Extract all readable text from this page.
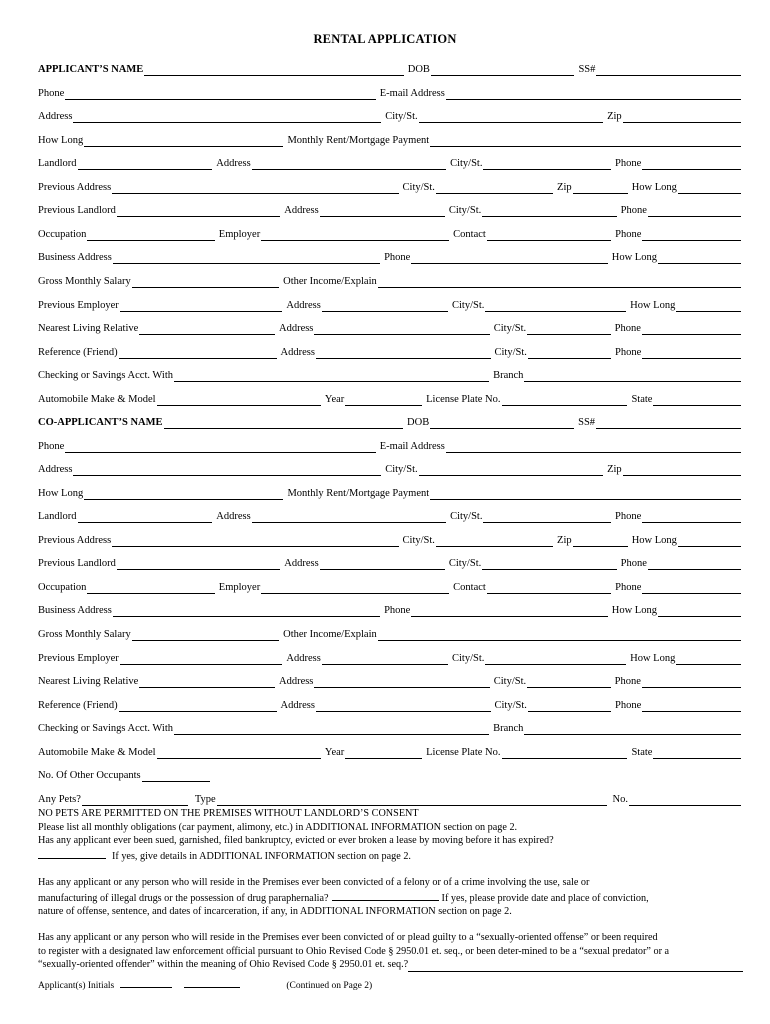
RENTAL APPLICATION
APPLICANT’S NAME	DOB	SS#
Phone	E-mail Address
Address	City/St.	Zip
How Long	Monthly Rent/Mortgage Payment
Landlord	Address	City/St.	Phone
Previous Address	City/St.	Zip	How Long
Previous Landlord	Address	City/St.	Phone
Occupation	Employer	Contact	Phone
Business Address	Phone	How Long
Gross Monthly Salary	Other Income/Explain
Previous Employer	Address	City/St.	How Long
Nearest Living Relative	Address	City/St.	Phone
Reference (Friend)	Address	City/St.	Phone
Checking or Savings Acct. With	Branch
Automobile Make & Model	Year	License Plate No.	State
CO-APPLICANT’S NAME	DOB	SS#
Phone	E-mail Address
Address	City/St.	Zip
How Long	Monthly Rent/Mortgage Payment
Landlord	Address	City/St.	Phone
Previous Address	City/St.	Zip	How Long
Previous Landlord	Address	City/St.	Phone
Occupation	Employer	Contact	Phone
Business Address	Phone	How Long
Gross Monthly Salary	Other Income/Explain
Previous Employer	Address	City/St.	How Long
Nearest Living Relative	Address	City/St.	Phone
Reference (Friend)	Address	City/St.	Phone
Checking or Savings Acct. With	Branch
Automobile Make & Model	Year	License Plate No.	State
No. Of Other Occupants
Any Pets?	Type	No.
NO PETS ARE PERMITTED ON THE PREMISES WITHOUT LANDLORD’S CONSENT
Please list all monthly obligations (car payment, alimony, etc.) in ADDITIONAL INFORMATION section on page 2.
Has any applicant ever been sued, garnished, filed bankruptcy, evicted or ever broken a lease by moving before it has expired?
If yes, give details in ADDITIONAL INFORMATION section on page 2.
Has any applicant or any person who will reside in the Premises ever been convicted of a felony or of a crime involving the use, sale or
manufacturing of illegal drugs or the possession of drug paraphernalia?	If yes, please provide date and place of conviction,
nature of offense, sentence, and dates of incarceration, if any, in ADDITIONAL INFORMATION section on page 2.
Has any applicant or any person who will reside in the Premises ever been convicted of or plead guilty to a “sexually-oriented offense” or been required
to register with a designated law enforcement official pursuant to Ohio Revised Code § 2950.01 et. seq., or been deter-mined to be a “sexual predator” or a
“sexually-oriented offender” within the meaning of Ohio Revised Code § 2950.01 et. seq.?
Applicant(s) Initials	(Continued on Page 2)
